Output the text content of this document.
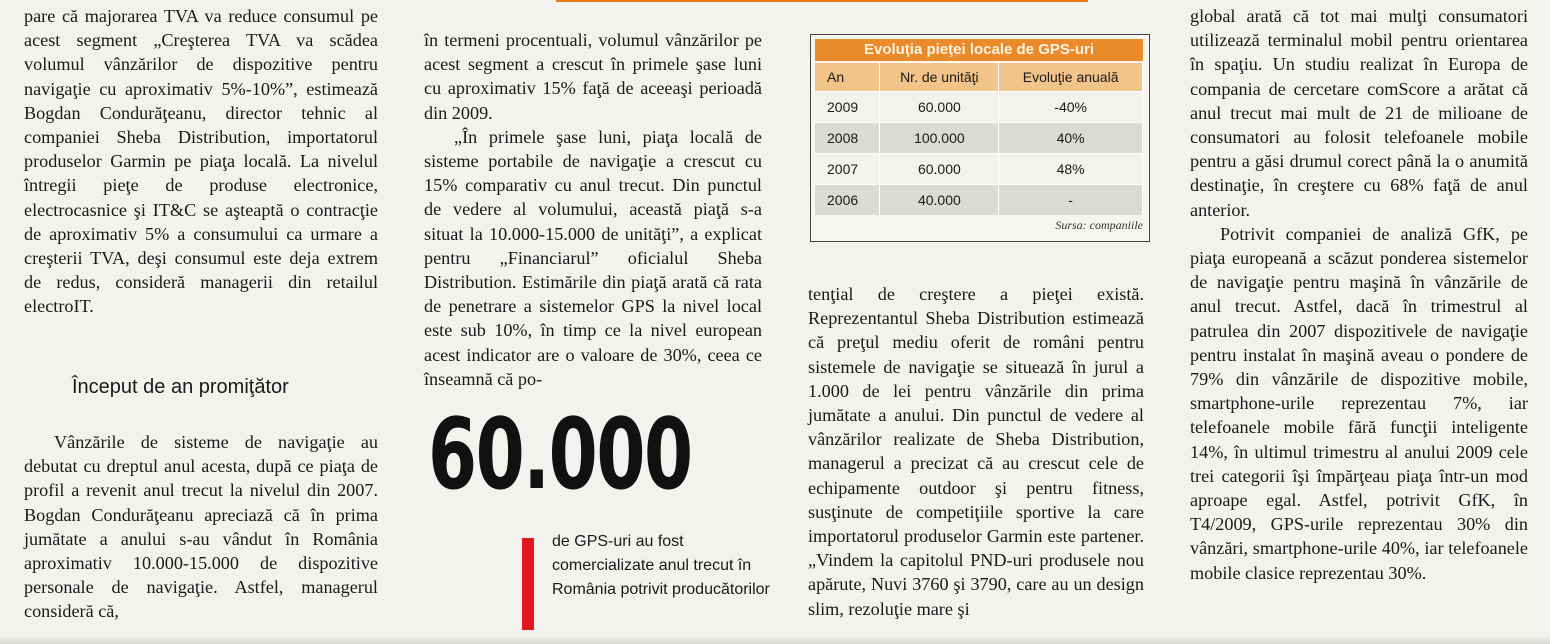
pare că majorarea TVA va reduce consumul pe acest segment „Creşterea TVA va scădea volumul vânzărilor de dispozitive pentru navigaţie cu aproximativ 5%-10%”, estimează Bogdan Condurăţeanu, director tehnic al companiei Sheba Distribution, importatorul produselor Garmin pe piaţa locală. La nivelul întregii pieţe de produse electronice, electrocasnice şi IT&C se aşteaptă o contracţie de aproximativ 5% a consumului ca urmare a creşterii TVA, deşi consumul este deja extrem de redus, consideră managerii din retailul electroIT.

Început de an promiţător

Vânzările de sisteme de navigaţie au debutat cu dreptul anul acesta, după ce piaţa de profil a revenit anul trecut la nivelul din 2007. Bogdan Condurăţeanu apreciază că în prima jumătate a anului s-au vândut în România aproximativ 10.000-15.000 de dispozitive personale de navigaţie. Astfel, managerul consideră că,

în termeni procentuali, volumul vânzărilor pe acest segment a crescut în primele şase luni cu aproximativ 15% faţă de aceeaşi perioadă din 2009.

„În primele şase luni, piaţa locală de sisteme portabile de navigaţie a crescut cu 15% comparativ cu anul trecut. Din punctul de vedere al volumului, această piaţă s-a situat la 10.000-15.000 de unităţi”, a explicat pentru „Financiarul” oficialul Sheba Distribution. Estimările din piaţă arată că rata de penetrare a sistemelor GPS la nivel local este sub 10%, în timp ce la nivel european acest indicator are o valoare de 30%, ceea ce înseamnă că po-

60.000
de GPS-uri au fost comercializate anul trecut în România potrivit producătorilor
Evoluţia pieţei locale de GPS-uri
An	Nr. de unităţi	Evoluţie anuală
2009	60.000	-40%
2008	100.000	40%
2007	60.000	48%
2006	40.000	-
Sursa: companiile

tenţial de creştere a pieţei există. Reprezentantul Sheba Distribution estimează că preţul mediu oferit de români pentru sistemele de navigaţie se situează în jurul a 1.000 de lei pentru vânzările din prima jumătate a anului. Din punctul de vedere al vânzărilor realizate de Sheba Distribution, managerul a precizat că au crescut cele de echipamente outdoor şi pentru fitness, susţinute de competiţiile sportive la care importatorul produselor Garmin este partener. „Vindem la capitolul PND-uri produsele nou apărute, Nuvi 3760 şi 3790, care au un design slim, rezoluţie mare şi

global arată că tot mai mulţi consumatori utilizează terminalul mobil pentru orientarea în spaţiu. Un studiu realizat în Europa de compania de cercetare comScore a arătat că anul trecut mai mult de 21 de milioane de consumatori au folosit telefoanele mobile pentru a găsi drumul corect până la o anumită destinaţie, în creştere cu 68% faţă de anul anterior.

Potrivit companiei de analiză GfK, pe piaţa europeană a scăzut ponderea sistemelor de navigaţie pentru maşină în vânzările de anul trecut. Astfel, dacă în trimestrul al patrulea din 2007 dispozitivele de navigaţie pentru instalat în maşină aveau o pondere de 79% din vânzările de dispozitive mobile, smartphone-urile reprezentau 7%, iar telefoanele mobile fără funcţii inteligente 14%, în ultimul trimestru al anului 2009 cele trei categorii îşi împărţeau piaţa într-un mod aproape egal. Astfel, potrivit GfK, în T4/2009, GPS-urile reprezentau 30% din vânzări, smartphone-urile 40%, iar telefoanele mobile clasice reprezentau 30%.
